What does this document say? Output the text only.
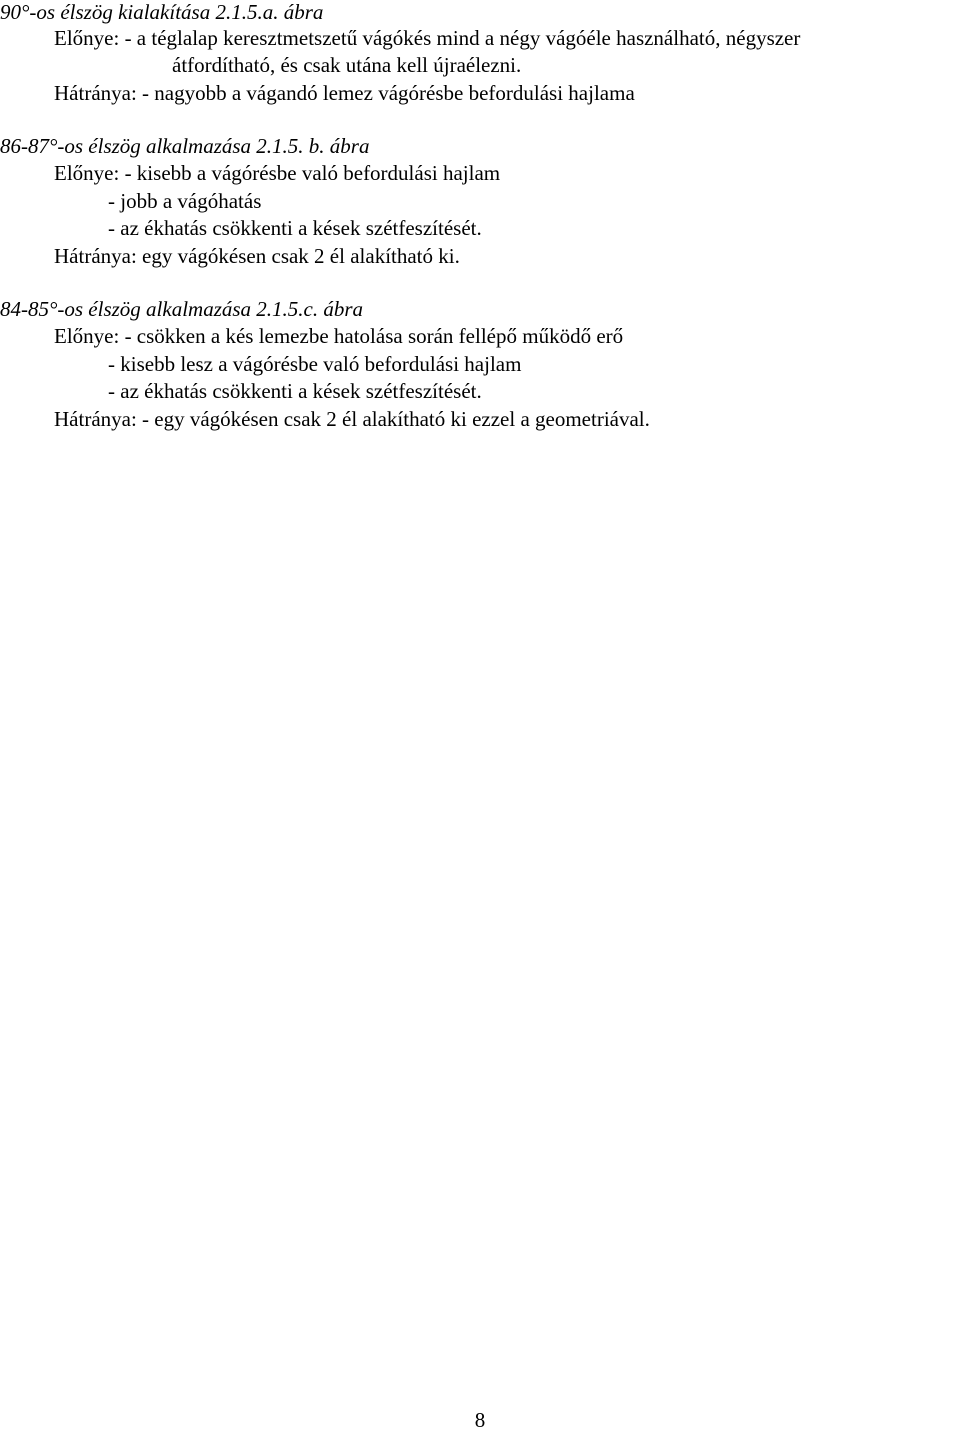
90°-os élszög kialakítása 2.1.5.a. ábra
Előnye: - a téglalap keresztmetszetű vágókés mind a négy vágóéle használható, négyszer
átfordítható, és csak utána kell újraélezni.
Hátránya: - nagyobb a vágandó lemez vágórésbe befordulási hajlama
86-87°-os élszög alkalmazása 2.1.5. b. ábra
Előnye: - kisebb a vágórésbe való befordulási hajlam
- jobb a vágóhatás
- az ékhatás csökkenti a kések szétfeszítését.
Hátránya: egy vágókésen csak 2 él alakítható ki.
84-85°-os élszög alkalmazása 2.1.5.c. ábra
Előnye: - csökken a kés lemezbe hatolása során fellépő működő erő
- kisebb lesz a vágórésbe való befordulási hajlam
- az ékhatás csökkenti a kések szétfeszítését.
Hátránya: - egy vágókésen csak 2 él alakítható ki ezzel a geometriával.
8
